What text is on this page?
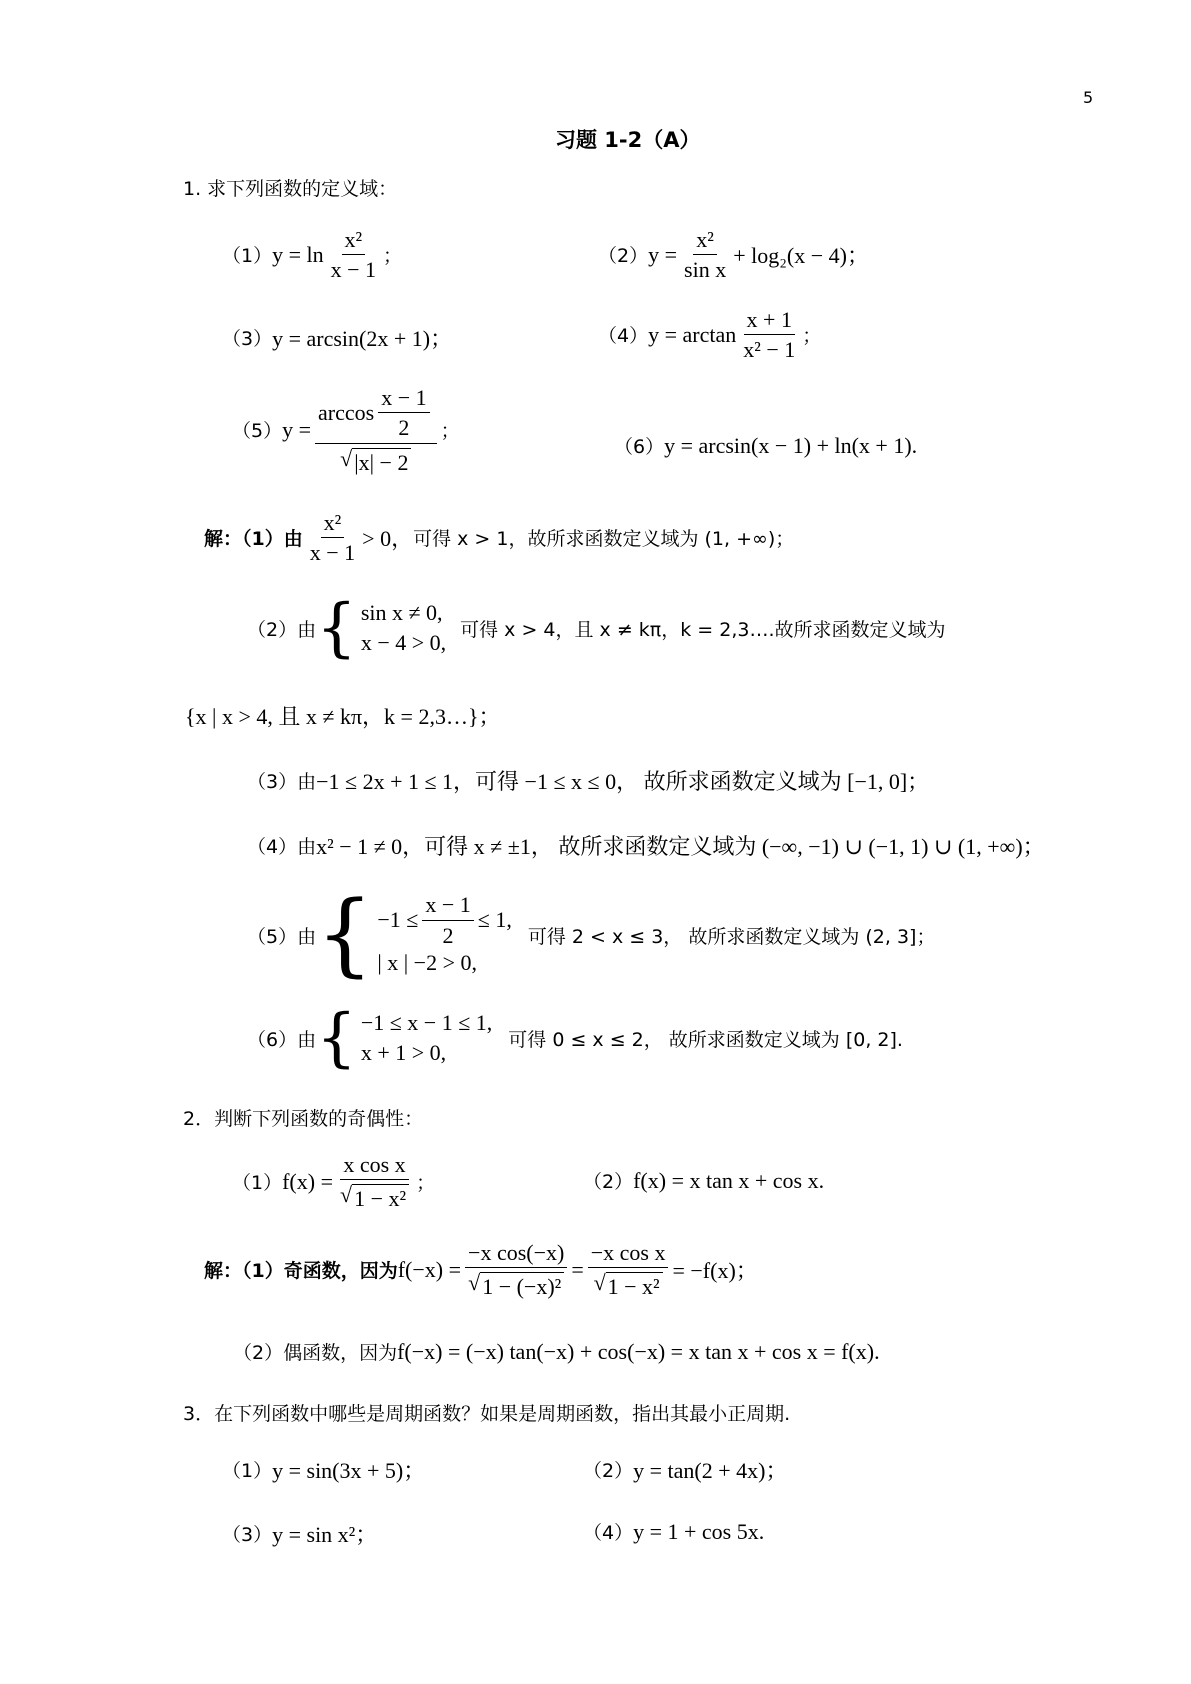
5
习题 1-2（A）
1. 求下列函数的定义域：
（1） $y = \ln \frac{\text{x²}}{x - 1}$ ；	（2） $y = \frac{\text{x²}}{\text{sin x}} + \log_2(x - 4)$；
（3） y = arcsin(2x + 1)；	（4） $y = \arctan \frac{x + 1}{\text{x² − 1}}$ ；
（5） $y = \frac{\arccos \frac{x - 1}{2}}{√ |x| - 2}$ ；
（6） y = arcsin(x − 1) + ln(x + 1).
解：（1）由 $\frac{\text{x²}}{x - 1} > 0$， 可得 x > 1，故所求函数定义域为 (1, +∞)；
（2）由 { sin x ≠ 0,
x − 4 > 0,
可得 x > 4，且 x ≠ kπ，k = 2,3….故所求函数定义域为
{x | x > 4, 且 x ≠ kπ，k = 2,3…}；
（3）由 −1 ≤ 2x + 1 ≤ 1，可得 −1 ≤ x ≤ 0， 故所求函数定义域为 [−1, 0]；
（4）由 x² − 1 ≠ 0，可得 x ≠ ±1， 故所求函数定义域为 (−∞, −1) ∪ (−1, 1) ∪ (1, +∞)；
（5）由 { $-1 \le \frac{x - 1}{2} \le 1$,
| x | −2 > 0,
可得 2 < x ≤ 3， 故所求函数定义域为 (2, 3]；
（6）由 { −1 ≤ x − 1 ≤ 1,
x + 1 > 0,
可得 0 ≤ x ≤ 2， 故所求函数定义域为 [0, 2].
2．判断下列函数的奇偶性：
（1） $f(x) = \frac{\text{x cos x}}{\text{√ 1 − x²}}$ ；	（2） f(x) = x tan x + cos x.
解：（1）奇函数，因为 $f(-x) = \frac{\text{−x cos(−x)}}{\text{√ 1 − (−x)²}} = \frac{\text{−x cos x}}{\text{√ 1 − x²}} = -f(x)$；
（2）偶函数，因为 f(−x) = (−x) tan(−x) + cos(−x) = x tan x + cos x = f(x).
3．在下列函数中哪些是周期函数？如果是周期函数，指出其最小正周期.
（1） y = sin(3x + 5)；	（2） y = tan(2 + 4x)；
（3） y = sin x²；	（4） y = 1 + cos 5x.
